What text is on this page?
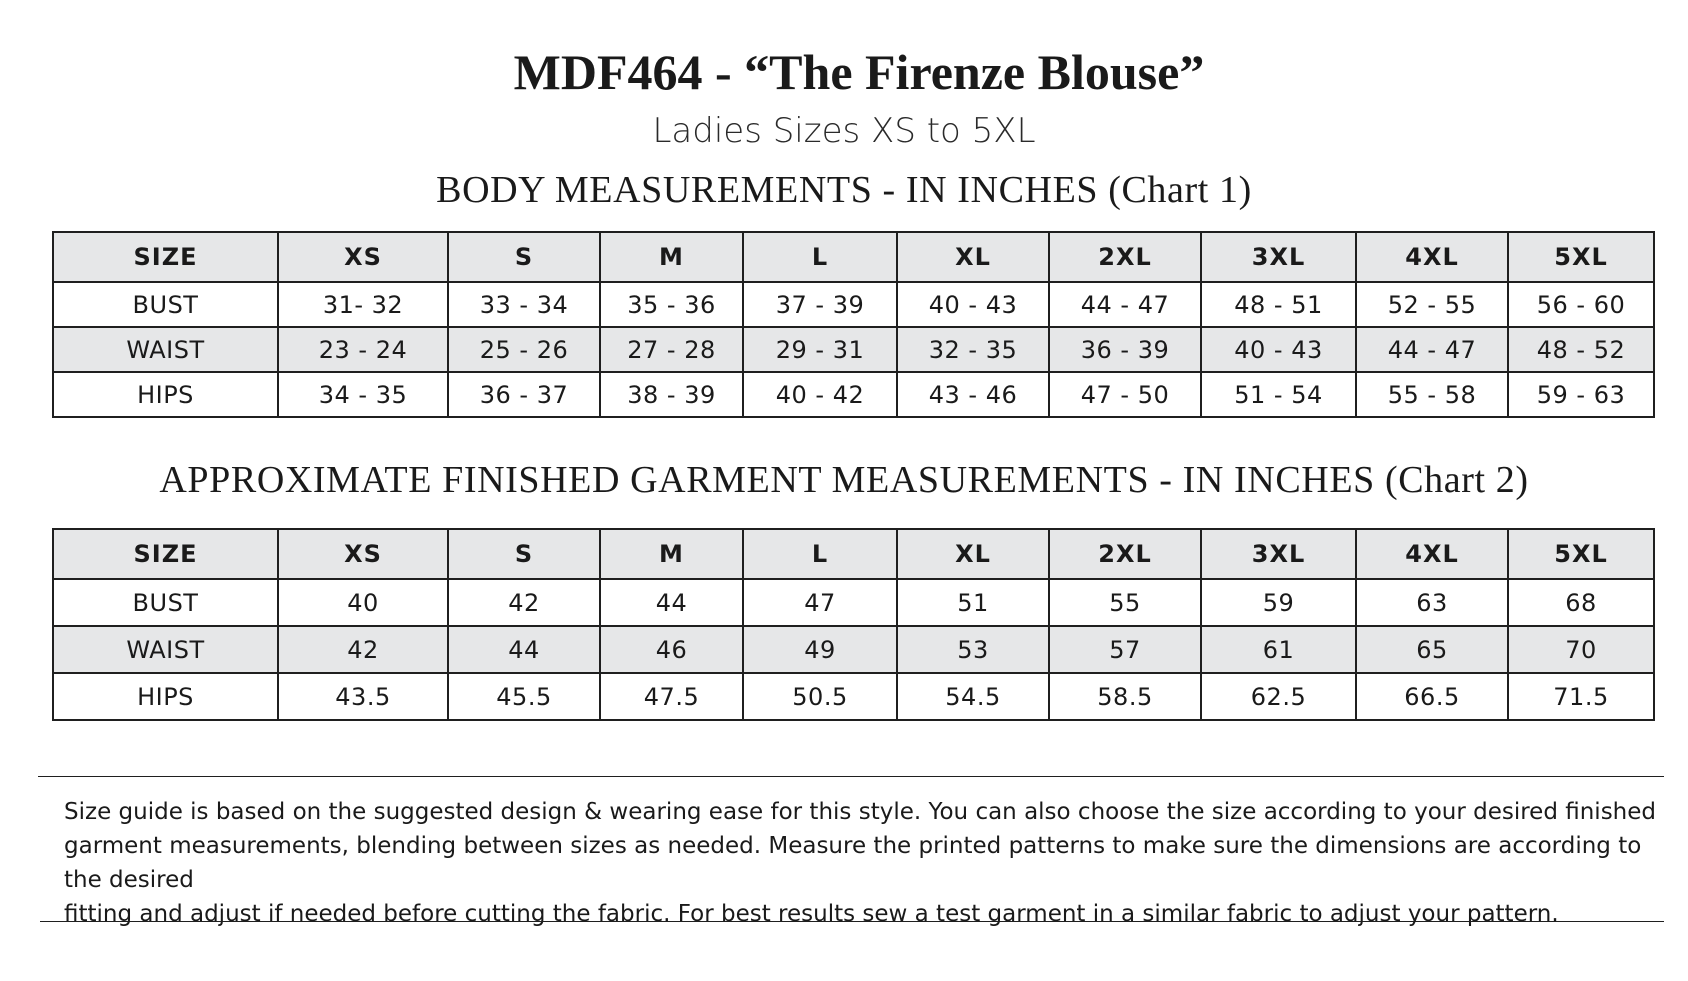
MDF464 - “The Firenze Blouse”
Ladies Sizes XS to 5XL
BODY MEASUREMENTS - IN INCHES (Chart 1)
SIZE	XS	S	M	L	XL	2XL	3XL	4XL	5XL
BUST	31- 32	33 - 34	35 - 36	37 - 39	40 - 43	44 - 47	48 - 51	52 - 55	56 - 60
WAIST	23 - 24	25 - 26	27 - 28	29 - 31	32 - 35	36 - 39	40 - 43	44 - 47	48 - 52
HIPS	34 - 35	36 - 37	38 - 39	40 - 42	43 - 46	47 - 50	51 - 54	55 - 58	59 - 63
APPROXIMATE FINISHED GARMENT MEASUREMENTS - IN INCHES (Chart 2)
SIZE	XS	S	M	L	XL	2XL	3XL	4XL	5XL
BUST	40	42	44	47	51	55	59	63	68
WAIST	42	44	46	49	53	57	61	65	70
HIPS	43.5	45.5	47.5	50.5	54.5	58.5	62.5	66.5	71.5
Size guide is based on the suggested design & wearing ease for this style. You can also choose the size according to your desired finished
garment measurements, blending between sizes as needed. Measure the printed patterns to make sure the dimensions are according to the desired
fitting and adjust if needed before cutting the fabric. For best results sew a test garment in a similar fabric to adjust your pattern.
